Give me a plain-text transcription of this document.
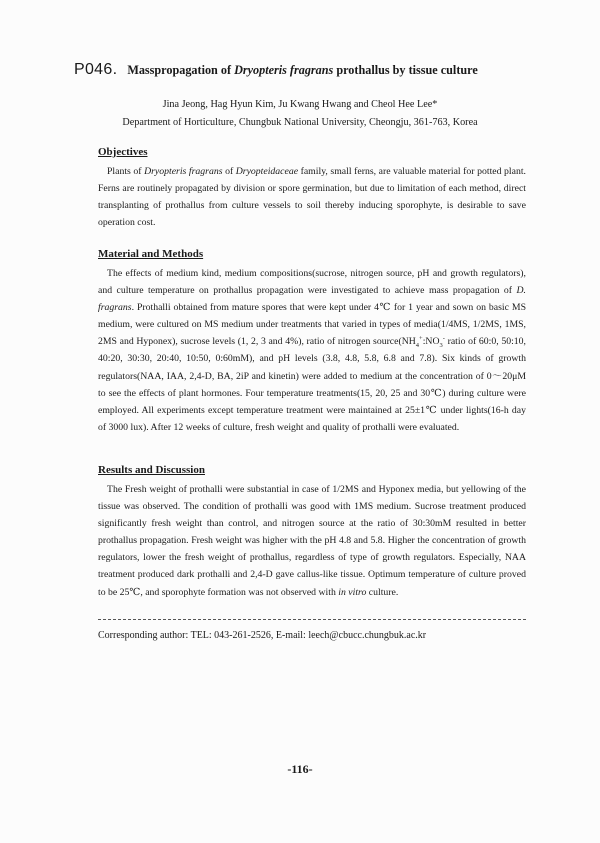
P046. Masspropagation of Dryopteris fragrans prothallus by tissue culture
Jina Jeong, Hag Hyun Kim, Ju Kwang Hwang and Cheol Hee Lee*
Department of Horticulture, Chungbuk National University, Cheongju, 361-763, Korea
Objectives

Plants of Dryopteris fragrans of Dryopteidaceae family, small ferns, are valuable material for potted plant. Ferns are routinely propagated by division or spore germination, but due to limitation of each method, direct transplanting of prothallus from culture vessels to soil thereby inducing sporophyte, is desirable to save operation cost.

Material and Methods

The effects of medium kind, medium compositions(sucrose, nitrogen source, pH and growth regulators), and culture temperature on prothallus propagation were investigated to achieve mass propagation of D. fragrans. Prothalli obtained from mature spores that were kept under 4℃ for 1 year and sown on basic MS medium, were cultured on MS medium under treatments that varied in types of media(1/4MS, 1/2MS, 1MS, 2MS and Hyponex), sucrose levels (1, 2, 3 and 4%), ratio of nitrogen $source(NH_4^+:NO_3^-$ ratio of 60:0, 50:10, 40:20, 30:30, 20:40, 10:50, 0:60mM), and pH levels (3.8, 4.8, 5.8, 6.8 and 7.8). Six kinds of growth regulators(NAA, IAA, 2,4-D, BA, 2iP and kinetin) were added to medium at the concentration of 0～20μM to see the effects of plant hormones. Four temperature treatments(15, 20, 25 and 30℃) during culture were employed. All experiments except temperature treatment were maintained at 25±1℃ under lights(16-h day of 3000 lux). After 12 weeks of culture, fresh weight and quality of prothalli were evaluated.

Results and Discussion

The Fresh weight of prothalli were substantial in case of 1/2MS and Hyponex media, but yellowing of the tissue was observed. The condition of prothalli was good with 1MS medium. Sucrose treatment produced significantly fresh weight than control, and nitrogen source at the ratio of 30:30mM resulted in better prothallus propagation. Fresh weight was higher with the pH 4.8 and 5.8. Higher the concentration of growth regulators, lower the fresh weight of prothallus, regardless of type of growth regulators. Especially, NAA treatment produced dark prothalli and 2,4-D gave callus-like tissue. Optimum temperature of culture proved to be 25℃, and sporophyte formation was not observed with in vitro culture.

Corresponding author: TEL: 043-261-2526, E-mail: leech@cbucc.chungbuk.ac.kr
-116-
